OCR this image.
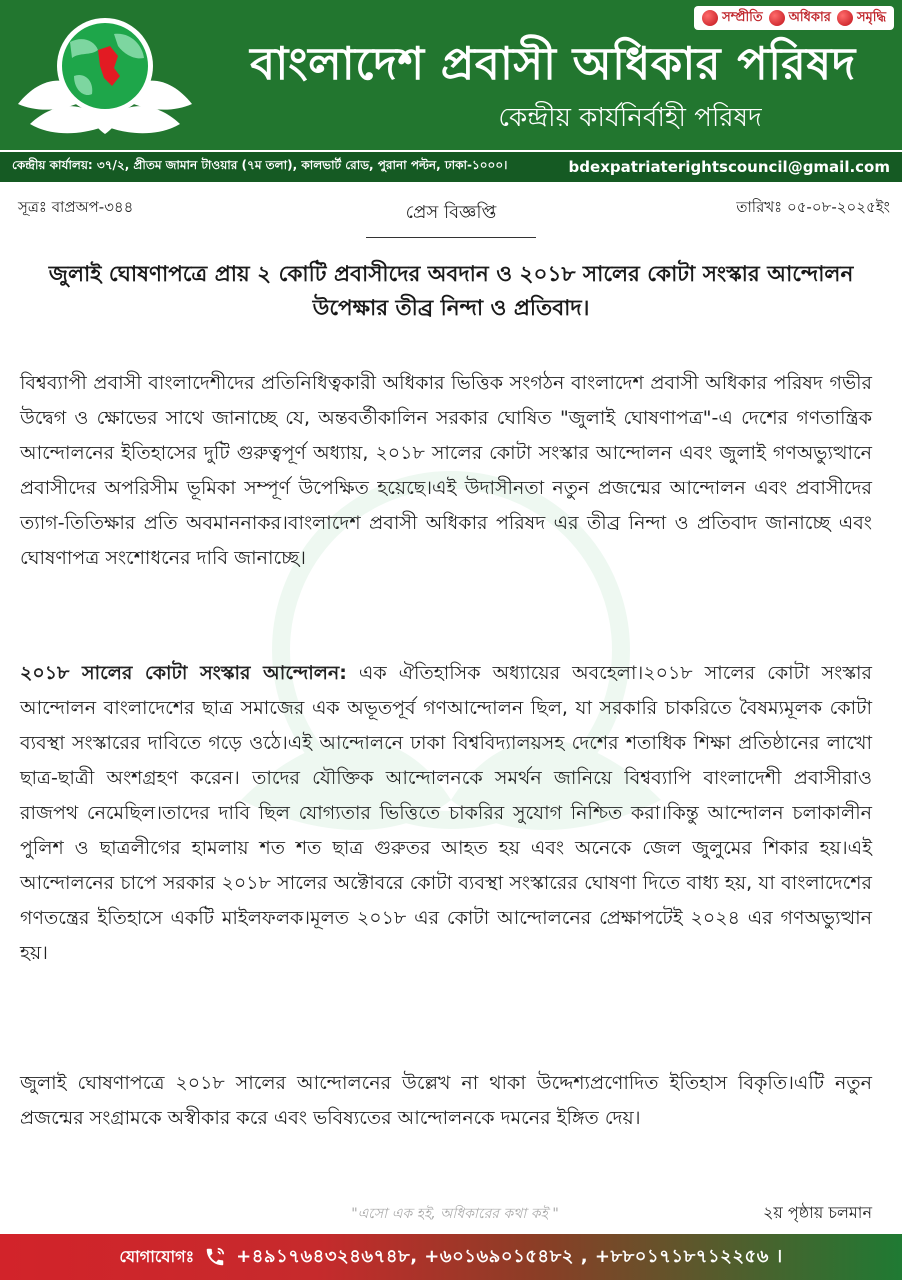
সম্প্রীতি অধিকার সমৃদ্ধি
বাংলাদেশ প্রবাসী অধিকার পরিষদ
কেন্দ্রীয় কার্যনির্বাহী পরিষদ
কেন্দ্রীয় কার্যালয়: ৩৭/২, প্রীতম জামান টাওয়ার (৭ম তলা), কালভার্ট রোড, পুরানা পল্টন, ঢাকা-১০০০।	bdexpatriaterightscouncil@gmail.com
সূত্রঃ বাপ্রঅপ-৩৪৪	প্রেস বিজ্ঞপ্তি	তারিখঃ ০৫-০৮-২০২৫ইং
জুলাই ঘোষণাপত্রে প্রায় ২ কোটি প্রবাসীদের অবদান ও ২০১৮ সালের কোটা সংস্কার আন্দোলন উপেক্ষার তীব্র নিন্দা ও প্রতিবাদ।
বিশ্বব্যাপী প্রবাসী বাংলাদেশীদের প্রতিনিধিত্বকারী অধিকার ভিত্তিক সংগঠন বাংলাদেশ প্রবাসী অধিকার পরিষদ গভীর উদ্বেগ ও ক্ষোভের সাথে জানাচ্ছে যে, অন্তবর্তীকালিন সরকার ঘোষিত "জুলাই ঘোষণাপত্র"-এ দেশের গণতান্ত্রিক আন্দোলনের ইতিহাসের দুটি গুরুত্বপূর্ণ অধ্যায়, ২০১৮ সালের কোটা সংস্কার আন্দোলন এবং জুলাই গণঅভ্যুত্থানে প্রবাসীদের অপরিসীম ভূমিকা সম্পূর্ণ উপেক্ষিত হয়েছে।এই উদাসীনতা নতুন প্রজন্মের আন্দোলন এবং প্রবাসীদের ত্যাগ-তিতিক্ষার প্রতি অবমাননাকর।বাংলাদেশ প্রবাসী অধিকার পরিষদ এর তীব্র নিন্দা ও প্রতিবাদ জানাচ্ছে এবং ঘোষণাপত্র সংশোধনের দাবি জানাচ্ছে।
২০১৮ সালের কোটা সংস্কার আন্দোলন: এক ঐতিহাসিক অধ্যায়ের অবহেলা।২০১৮ সালের কোটা সংস্কার আন্দোলন বাংলাদেশের ছাত্র সমাজের এক অভূতপূর্ব গণআন্দোলন ছিল, যা সরকারি চাকরিতে বৈষম্যমূলক কোটা ব্যবস্থা সংস্কারের দাবিতে গড়ে ওঠে।এই আন্দোলনে ঢাকা বিশ্ববিদ্যালয়সহ দেশের শতাধিক শিক্ষা প্রতিষ্ঠানের লাখো ছাত্র-ছাত্রী অংশগ্রহণ করেন। তাদের যৌক্তিক আন্দোলনকে সমর্থন জানিয়ে বিশ্বব্যাপি বাংলাদেশী প্রবাসীরাও রাজপথ নেমেছিল।তাদের দাবি ছিল যোগ্যতার ভিত্তিতে চাকরির সুযোগ নিশ্চিত করা।কিন্তু আন্দোলন চলাকালীন পুলিশ ও ছাত্রলীগের হামলায় শত শত ছাত্র গুরুতর আহত হয় এবং অনেকে জেল জুলুমের শিকার হয়।এই আন্দোলনের চাপে সরকার ২০১৮ সালের অক্টোবরে কোটা ব্যবস্থা সংস্কারের ঘোষণা দিতে বাধ্য হয়, যা বাংলাদেশের গণতন্ত্রের ইতিহাসে একটি মাইলফলক।মূলত ২০১৮ এর কোটা আন্দোলনের প্রেক্ষাপটেই ২০২৪ এর গণঅভ্যুত্থান হয়।
জুলাই ঘোষণাপত্রে ২০১৮ সালের আন্দোলনের উল্লেখ না থাকা উদ্দেশ্যপ্রণোদিত ইতিহাস বিকৃতি।এটি নতুন প্রজন্মের সংগ্রামকে অস্বীকার করে এবং ভবিষ্যতের আন্দোলনকে দমনের ইঙ্গিত দেয়।
"এসো এক হই, অধিকারের কথা কই "	২য় পৃষ্ঠায় চলমান
যোগাযোগঃ +৪৯১৭৬৪৩২৪৬৭৪৮, +৬০১৬৯০১৫৪৮২ , +৮৮০১৭১৮৭১২২৫৬ ।
